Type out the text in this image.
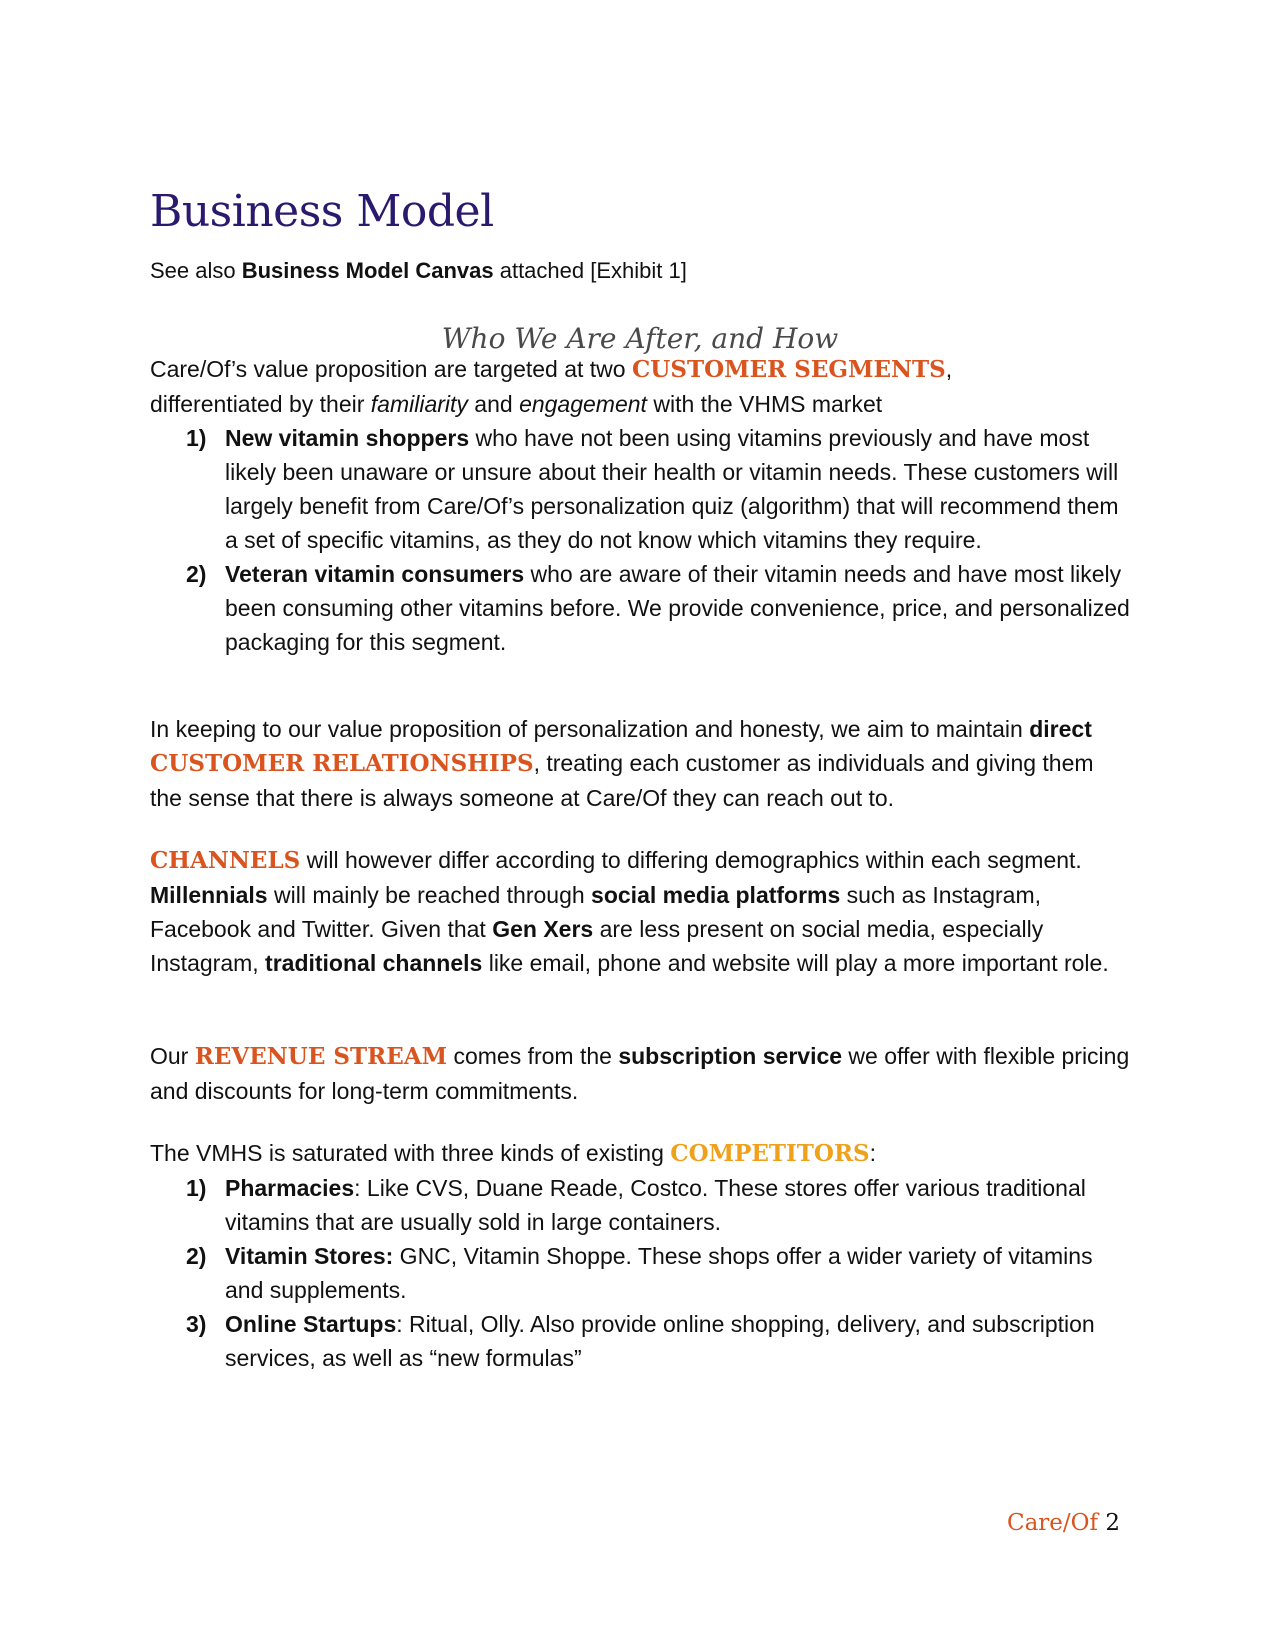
Business Model
See also Business Model Canvas attached [Exhibit 1]
Who We Are After, and How
Care/Of’s value proposition are targeted at two CUSTOMER SEGMENTS,
differentiated by their familiarity and engagement with the VHMS market
1) New vitamin shoppers who have not been using vitamins previously and have most likely been unaware or unsure about their health or vitamin needs. These customers will largely benefit from Care/Of’s personalization quiz (algorithm) that will recommend them a set of specific vitamins, as they do not know which vitamins they require.
2) Veteran vitamin consumers who are aware of their vitamin needs and have most likely been consuming other vitamins before. We provide convenience, price, and personalized packaging for this segment.
In keeping to our value proposition of personalization and honesty, we aim to maintain direct CUSTOMER RELATIONSHIPS, treating each customer as individuals and giving them the sense that there is always someone at Care/Of they can reach out to.
CHANNELS will however differ according to differing demographics within each segment. Millennials will mainly be reached through social media platforms such as Instagram, Facebook and Twitter. Given that Gen Xers are less present on social media, especially Instagram, traditional channels like email, phone and website will play a more important role.
Our REVENUE STREAM comes from the subscription service we offer with flexible pricing and discounts for long-term commitments.
The VMHS is saturated with three kinds of existing COMPETITORS:
1) Pharmacies: Like CVS, Duane Reade, Costco. These stores offer various traditional vitamins that are usually sold in large containers.
2) Vitamin Stores: GNC, Vitamin Shoppe. These shops offer a wider variety of vitamins and supplements.
3) Online Startups: Ritual, Olly. Also provide online shopping, delivery, and subscription services, as well as “new formulas”
Care/Of 2
